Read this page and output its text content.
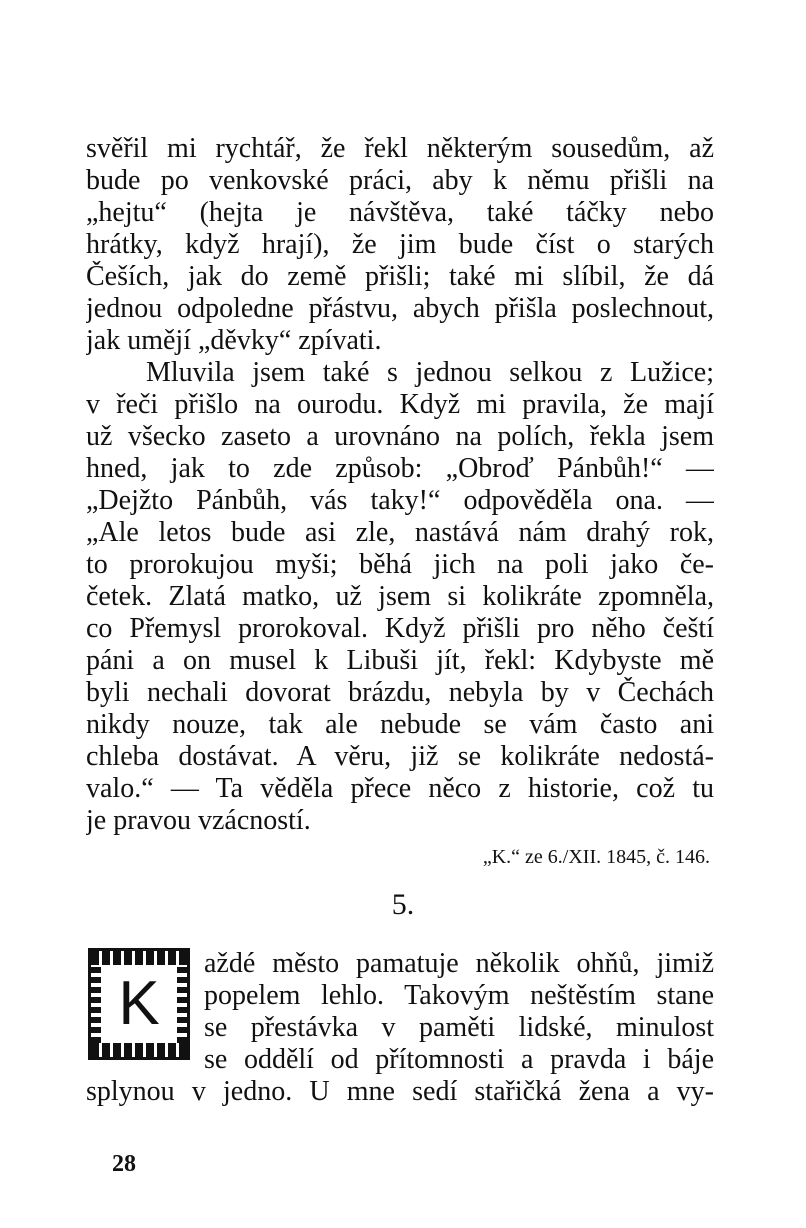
svěřil mi rychtář, že řekl některým sousedům, až
bude po venkovské práci, aby k němu přišli na
„hejtu“ (hejta je návštěva, také táčky nebo
hrátky, když hrají), že jim bude číst o starých
Češích, jak do země přišli; také mi slíbil, že dá
jednou odpoledne přástvu, abych přišla poslechnout,
jak umějí „děvky“ zpívati.
Mluvila jsem také s jednou selkou z Lužice;
v řeči přišlo na ourodu. Když mi pravila, že mají
už všecko zaseto a urovnáno na polích, řekla jsem
hned, jak to zde způsob: „Obroď Pánbůh!“ —
„Dejžto Pánbůh, vás taky!“ odpověděla ona. —
„Ale letos bude asi zle, nastává nám drahý rok,
to prorokujou myši; běhá jich na poli jako če-
četek. Zlatá matko, už jsem si kolikráte zpomněla,
co Přemysl prorokoval. Když přišli pro něho čeští
páni a on musel k Libuši jít, řekl: Kdybyste mě
byli nechali dovorat brázdu, nebyla by v Čechách
nikdy nouze, tak ale nebude se vám často ani
chleba dostávat. A věru, již se kolikráte nedostá-
valo.“ — Ta věděla přece něco z historie, což tu
je pravou vzácností.
„K.“ ze 6./XII. 1845, č. 146.
5.
K
aždé město pamatuje několik ohňů, jimiž
popelem lehlo. Takovým neštěstím stane
se přestávka v paměti lidské, minulost
se oddělí od přítomnosti a pravda i báje
splynou v jedno. U mne sedí stařičká žena a vy-
28
